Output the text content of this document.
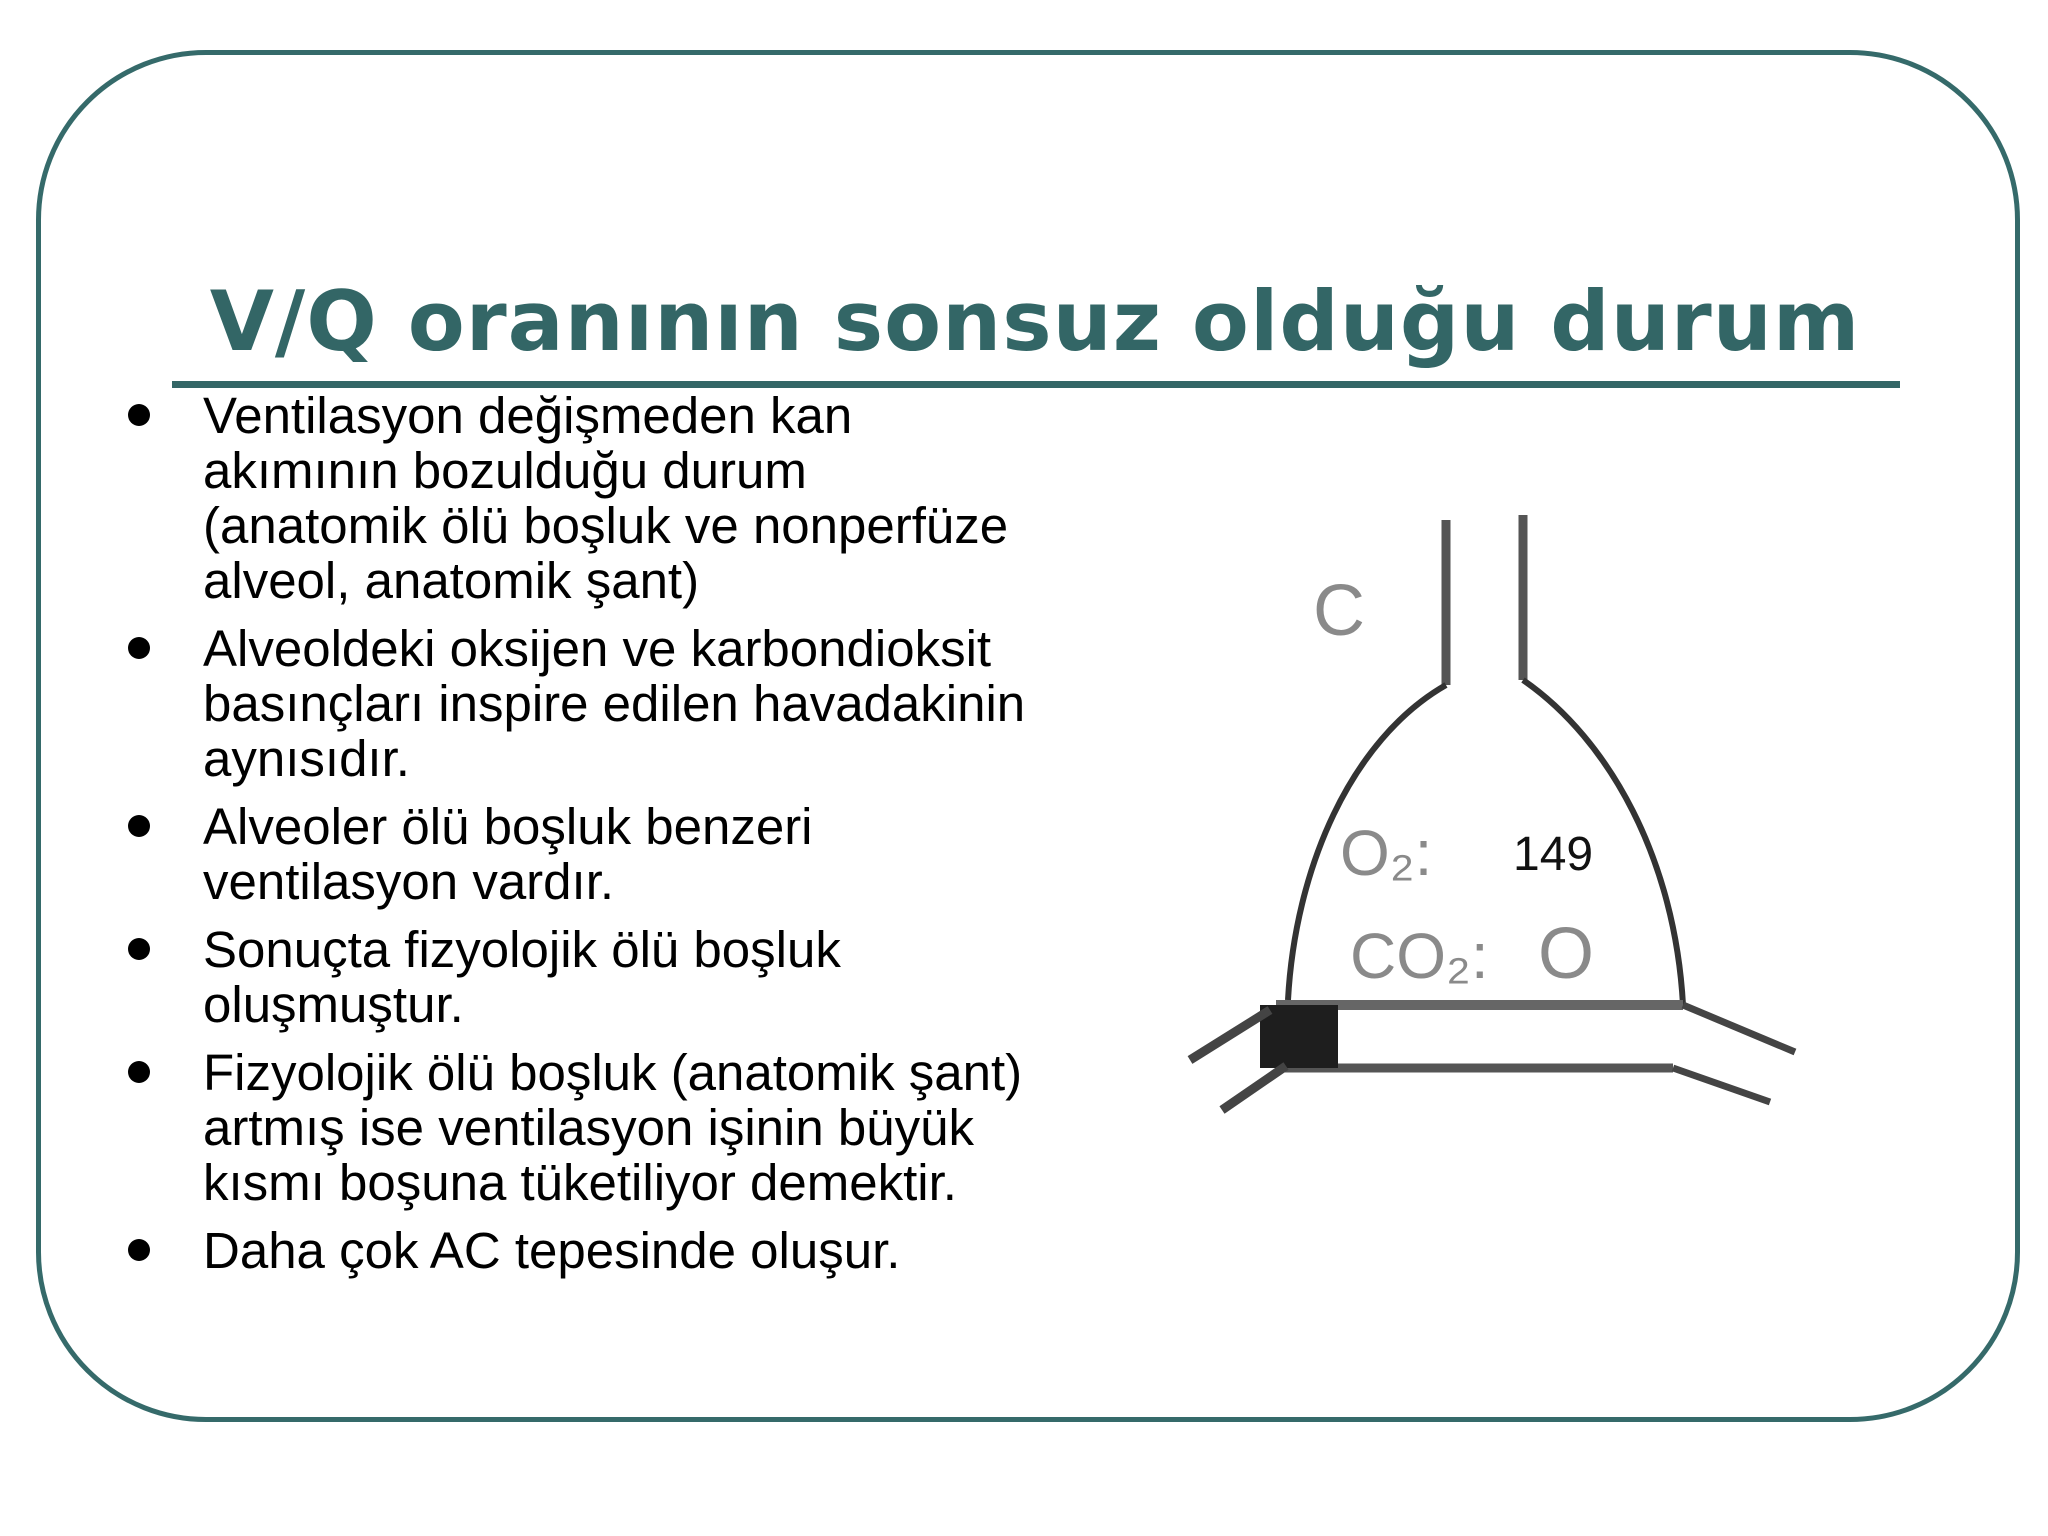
V/Q oranının sonsuz olduğu durum
Ventilasyon değişmeden kan akımının bozulduğu durum (anatomik ölü boşluk ve nonperfüze alveol, anatomik şant)
Alveoldeki oksijen ve karbondioksit basınçları inspire edilen havadakinin aynısıdır.
Alveoler ölü boşluk benzeri ventilasyon vardır.
Sonuçta fizyolojik ölü boşluk oluşmuştur.
Fizyolojik ölü boşluk (anatomik şant) artmış ise ventilasyon işinin büyük kısmı boşuna tüketiliyor demektir.
Daha çok AC tepesinde oluşur.
C
O₂: 149
CO₂: O
